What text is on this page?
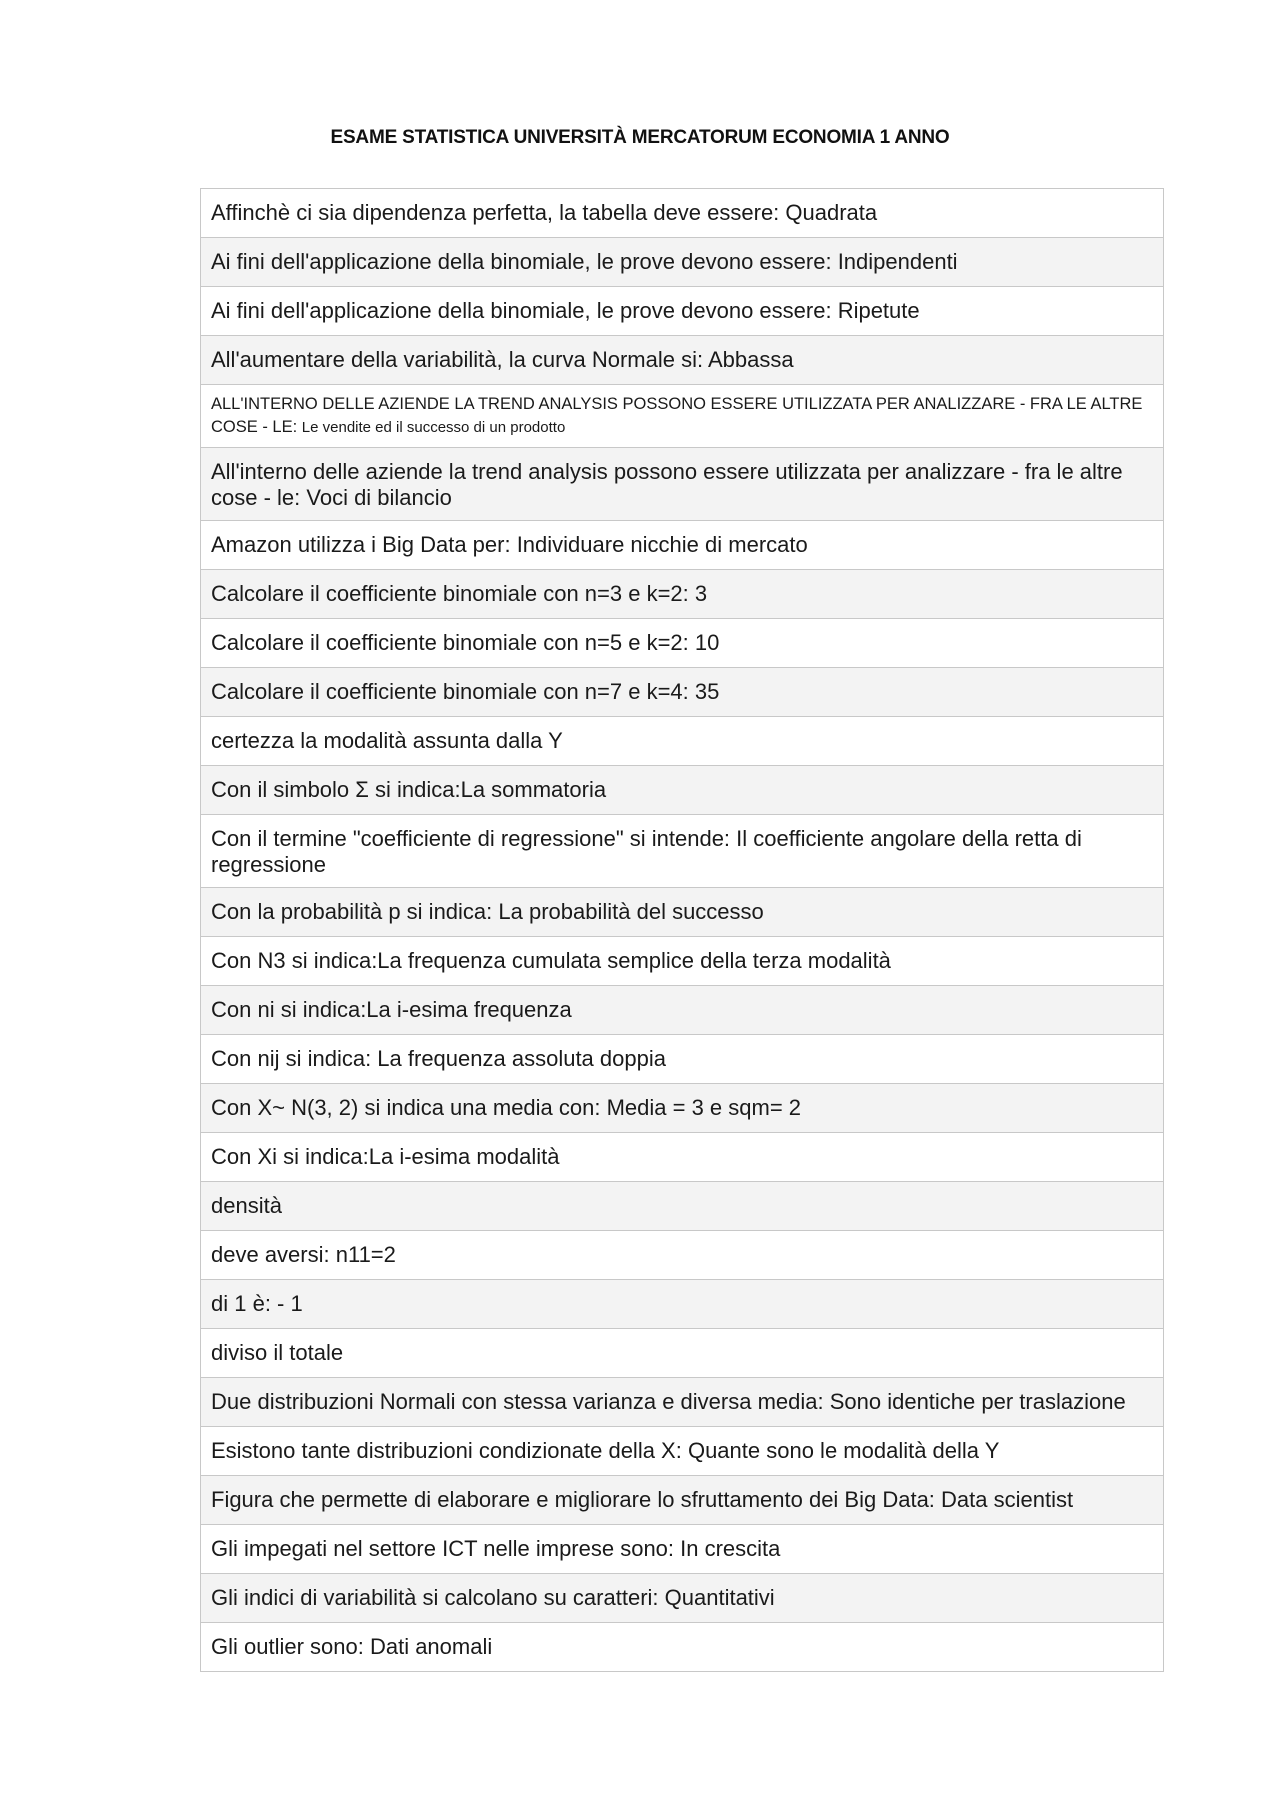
ESAME STATISTICA UNIVERSITÀ MERCATORUM ECONOMIA 1 ANNO
Affinchè ci sia dipendenza perfetta, la tabella deve essere: Quadrata
Ai fini dell'applicazione della binomiale, le prove devono essere: Indipendenti
Ai fini dell'applicazione della binomiale, le prove devono essere: Ripetute
All'aumentare della variabilità, la curva Normale si: Abbassa
ALL'INTERNO DELLE AZIENDE LA TREND ANALYSIS POSSONO ESSERE UTILIZZATA PER ANALIZZARE - FRA LE ALTRE COSE - LE: Le vendite ed il successo di un prodotto
All'interno delle aziende la trend analysis possono essere utilizzata per analizzare - fra le altre cose - le: Voci di bilancio
Amazon utilizza i Big Data per: Individuare nicchie di mercato
Calcolare il coefficiente binomiale con n=3 e k=2: 3
Calcolare il coefficiente binomiale con n=5 e k=2: 10
Calcolare il coefficiente binomiale con n=7 e k=4: 35
certezza la modalità assunta dalla Y
Con il simbolo Σ si indica:La sommatoria
Con il termine "coefficiente di regressione" si intende: Il coefficiente angolare della retta di regressione
Con la probabilità p si indica: La probabilità del successo
Con N3 si indica:La frequenza cumulata semplice della terza modalità
Con ni si indica:La i-esima frequenza
Con nij si indica: La frequenza assoluta doppia
Con X~ N(3, 2) si indica una media con: Media = 3 e sqm= 2
Con Xi si indica:La i-esima modalità
densità
deve aversi: n11=2
di 1 è: - 1
diviso il totale
Due distribuzioni Normali con stessa varianza e diversa media: Sono identiche per traslazione
Esistono tante distribuzioni condizionate della X: Quante sono le modalità della Y
Figura che permette di elaborare e migliorare lo sfruttamento dei Big Data: Data scientist
Gli impegati nel settore ICT nelle imprese sono: In crescita
Gli indici di variabilità si calcolano su caratteri: Quantitativi
Gli outlier sono: Dati anomali
